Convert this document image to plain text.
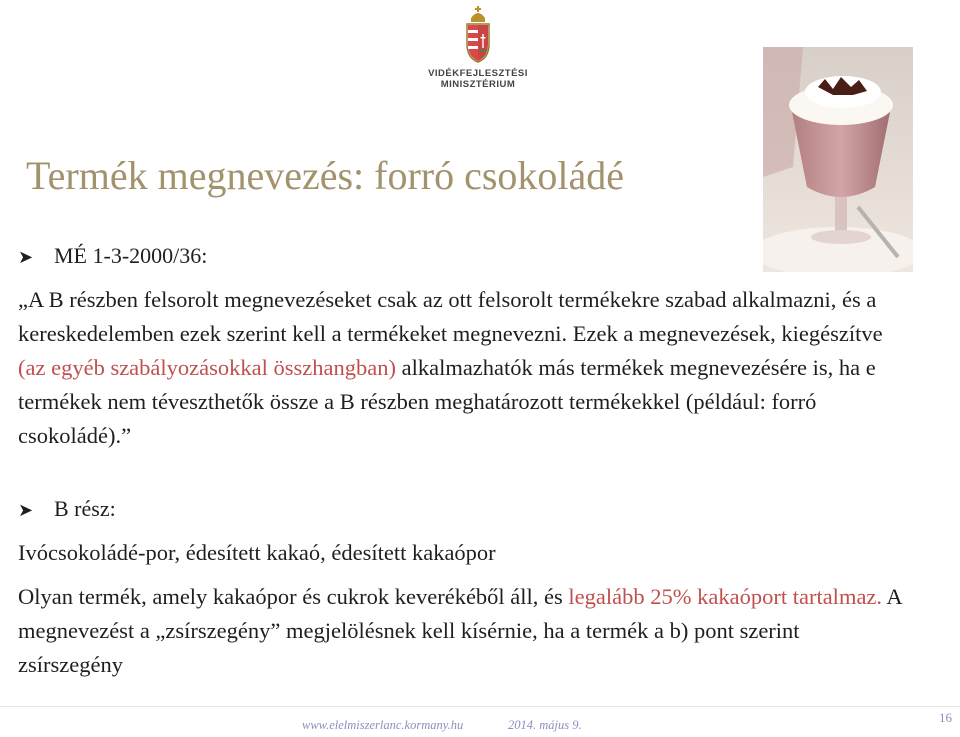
VIDÉKFEJLESZTÉSI
MINISZTÉRIUM
Termék megnevezés: forró csokoládé
➤ MÉ 1-3-2000/36:
„A B részben felsorolt megnevezéseket csak az ott felsorolt termékekre szabad alkalmazni, és a kereskedelemben ezek szerint kell a termékeket megnevezni. Ezek a megnevezések, kiegészítve (az egyéb szabályozásokkal összhangban) alkalmazhatók más termékek megnevezésére is, ha e termékek nem téveszthetők össze a B részben meghatározott termékekkel (például: forró csokoládé).”
➤ B rész:
Ivócsokoládé-por, édesített kakaó, édesített kakaópor
Olyan termék, amely kakaópor és cukrok keverékéből áll, és legalább 25% kakaóport tartalmaz. A megnevezést a „zsírszegény” megjelölésnek kell kísérnie, ha a termék a b) pont szerint zsírszegény
www.elelmiszerlanc.kormany.hu	2014. május 9.	16
